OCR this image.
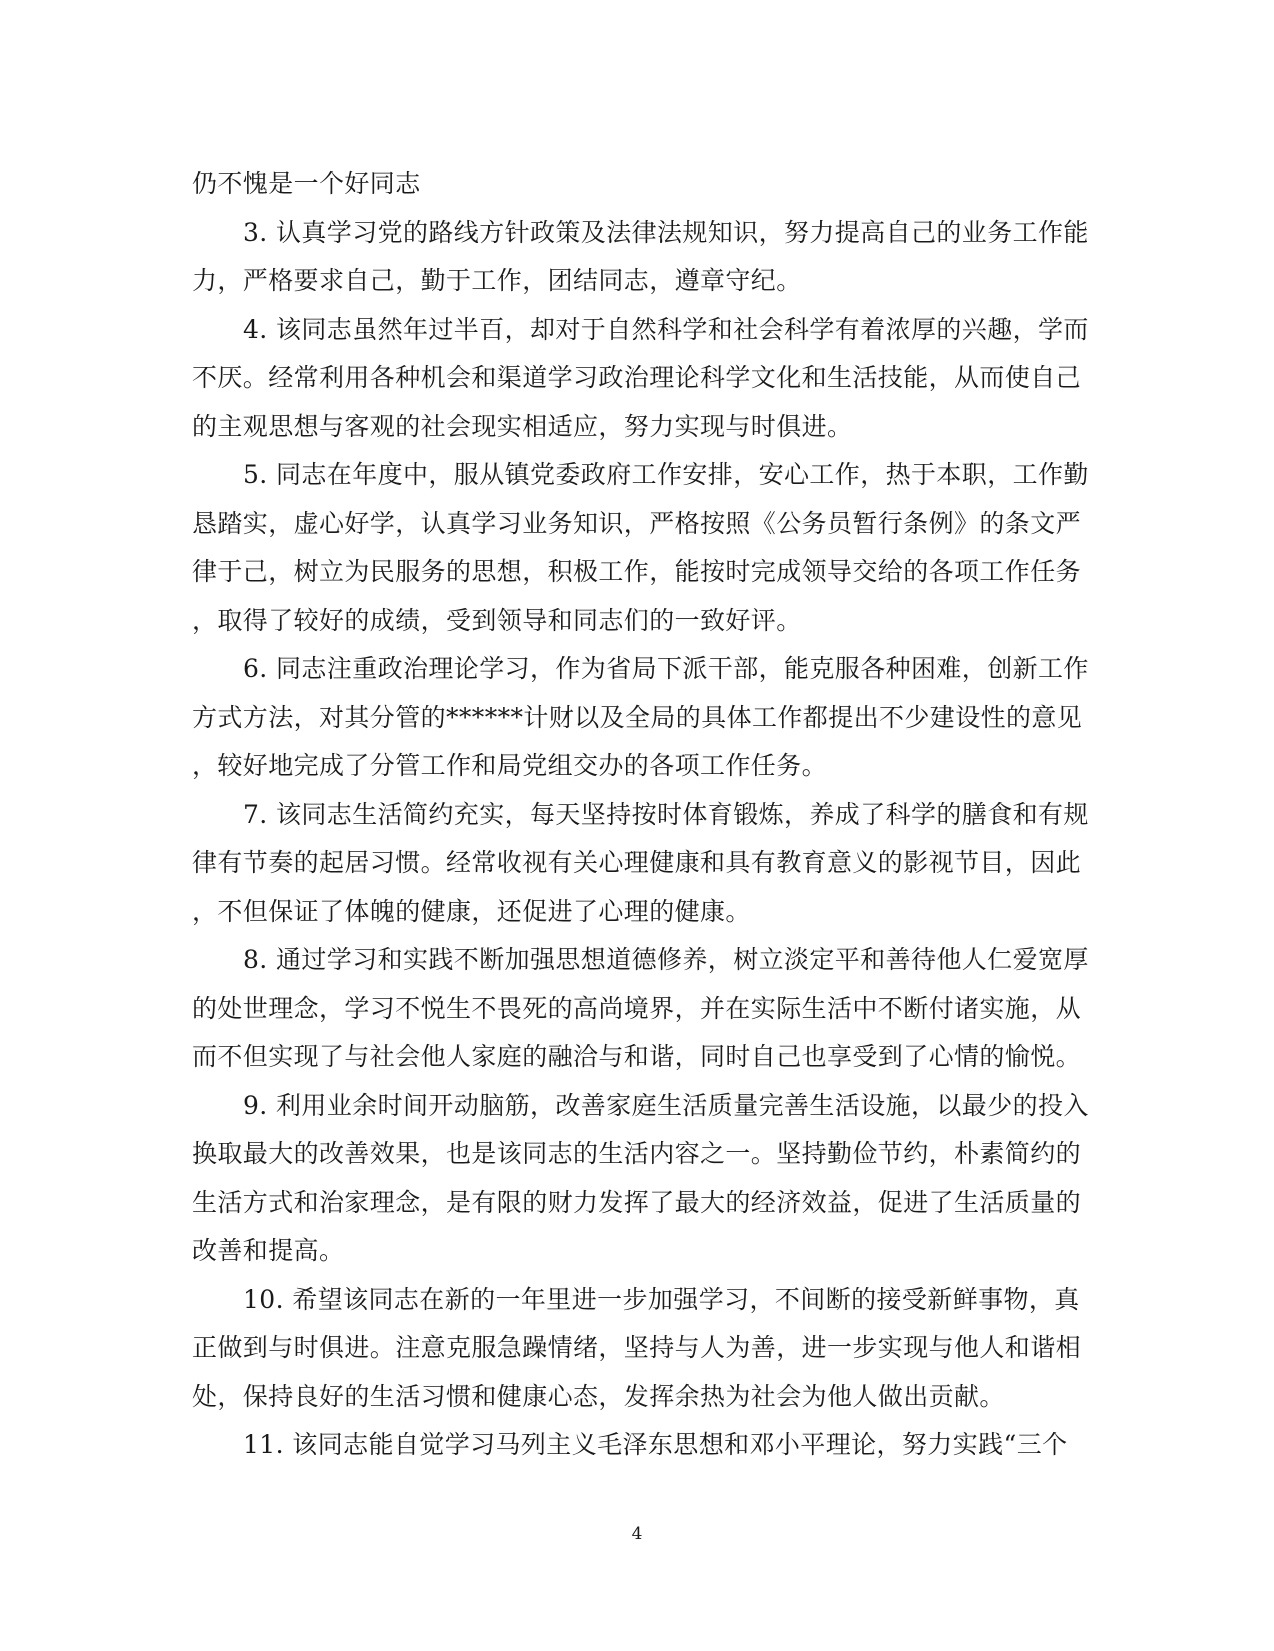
仍不愧是一个好同志
3. 认真学习党的路线方针政策及法律法规知识，努力提高自己的业务工作能
力，严格要求自己，勤于工作，团结同志，遵章守纪。
4. 该同志虽然年过半百，却对于自然科学和社会科学有着浓厚的兴趣，学而
不厌。经常利用各种机会和渠道学习政治理论科学文化和生活技能，从而使自己
的主观思想与客观的社会现实相适应，努力实现与时俱进。
5. 同志在年度中，服从镇党委政府工作安排，安心工作，热于本职，工作勤
恳踏实，虚心好学，认真学习业务知识，严格按照《公务员暂行条例》的条文严
律于己，树立为民服务的思想，积极工作，能按时完成领导交给的各项工作任务
，取得了较好的成绩，受到领导和同志们的一致好评。
6. 同志注重政治理论学习，作为省局下派干部，能克服各种困难，创新工作
方式方法，对其分管的******计财以及全局的具体工作都提出不少建设性的意见
，较好地完成了分管工作和局党组交办的各项工作任务。
7. 该同志生活简约充实，每天坚持按时体育锻炼，养成了科学的膳食和有规
律有节奏的起居习惯。经常收视有关心理健康和具有教育意义的影视节目，因此
，不但保证了体魄的健康，还促进了心理的健康。
8. 通过学习和实践不断加强思想道德修养，树立淡定平和善待他人仁爱宽厚
的处世理念，学习不悦生不畏死的高尚境界，并在实际生活中不断付诸实施，从
而不但实现了与社会他人家庭的融洽与和谐，同时自己也享受到了心情的愉悦。
9. 利用业余时间开动脑筋，改善家庭生活质量完善生活设施，以最少的投入
换取最大的改善效果，也是该同志的生活内容之一。坚持勤俭节约，朴素简约的
生活方式和治家理念，是有限的财力发挥了最大的经济效益，促进了生活质量的
改善和提高。
10. 希望该同志在新的一年里进一步加强学习，不间断的接受新鲜事物，真
正做到与时俱进。注意克服急躁情绪，坚持与人为善，进一步实现与他人和谐相
处，保持良好的生活习惯和健康心态，发挥余热为社会为他人做出贡献。
11. 该同志能自觉学习马列主义毛泽东思想和邓小平理论，努力实践“三个
4
